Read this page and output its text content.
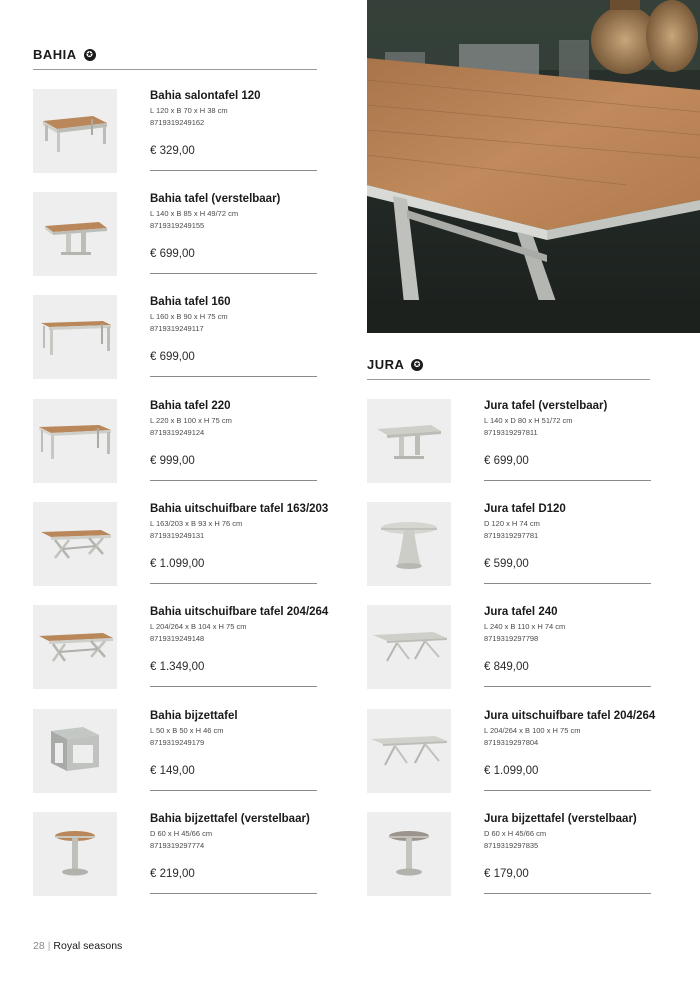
BAHIA ✪
JURA ✪
Bahia salontafel 120
L 120 x B 70 x H 38 cm
8719319249162
€ 329,00
Bahia tafel (verstelbaar)
L 140 x B 85 x H 49/72 cm
8719319249155
€ 699,00
Bahia tafel 160
L 160 x B 90 x H 75 cm
8719319249117
€ 699,00
Bahia tafel 220
L 220 x B 100 x H 75 cm
8719319249124
€ 999,00
Bahia uitschuifbare tafel 163/203
L 163/203 x B 93 x H 76 cm
8719319249131
€ 1.099,00
Bahia uitschuifbare tafel 204/264
L 204/264 x B 104 x H 75 cm
8719319249148
€ 1.349,00
Bahia bijzettafel
L 50 x B 50 x H 46 cm
8719319249179
€ 149,00
Bahia bijzettafel (verstelbaar)
D 60 x H 45/66 cm
8719319297774
€ 219,00
Jura tafel (verstelbaar)
L 140 x D 80 x H 51/72 cm
8719319297811
€ 699,00
Jura tafel D120
D 120 x H 74 cm
8719319297781
€ 599,00
Jura tafel 240
L 240 x B 110 x H 74 cm
8719319297798
€ 849,00
Jura uitschuifbare tafel 204/264
L 204/264 x B 100 x H 75 cm
8719319297804
€ 1.099,00
Jura bijzettafel (verstelbaar)
D 60 x H 45/66 cm
8719319297835
€ 179,00
28 | Royal seasons
